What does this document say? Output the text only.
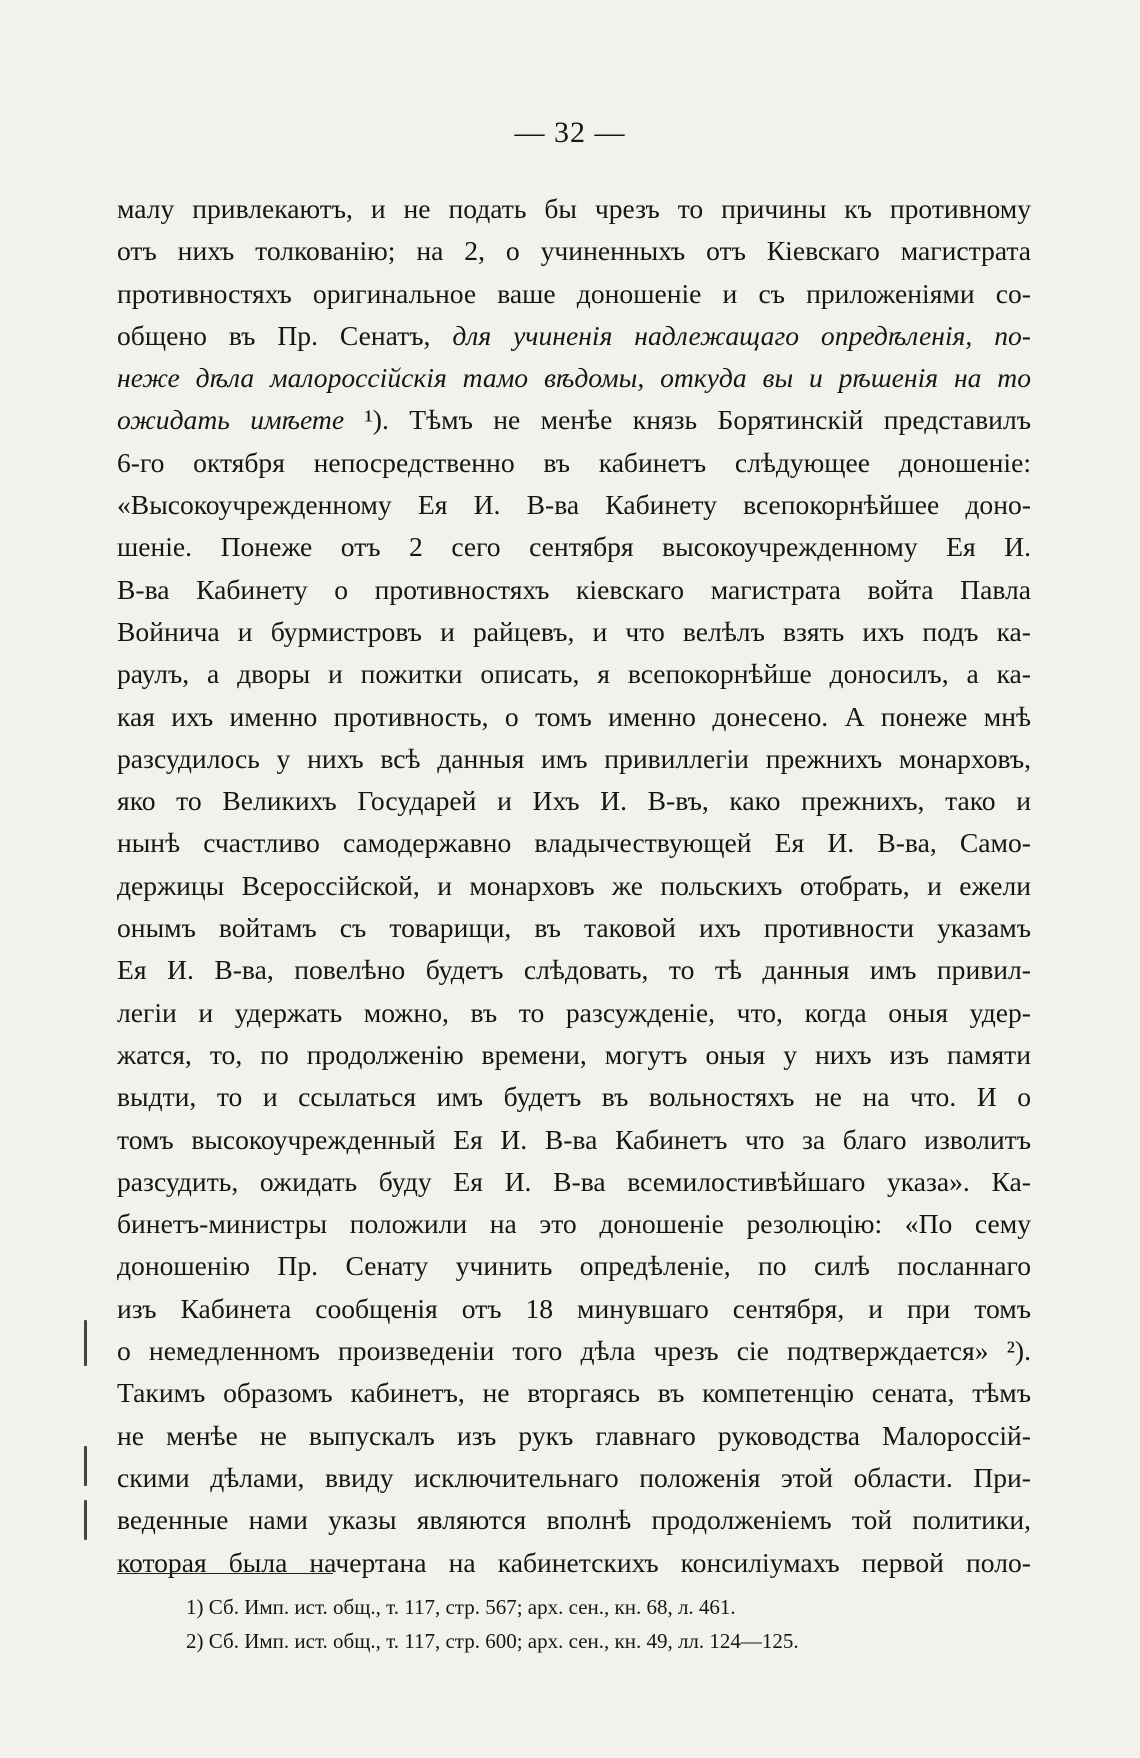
— 32 —
малу привлекаютъ, и не подать бы чрезъ то причины къ противному
отъ нихъ толкованію; на 2, о учиненныхъ отъ Кіевскаго магистрата
противностяхъ оригинальное ваше доношеніе и съ приложеніями со-
общено въ Пр. Сенатъ, для учиненія надлежащаго опредѣленія, по-
неже дѣла малороссійскія тамо вѣдомы, откуда вы и рѣшенія на то
ожидать имѣете ¹). Тѣмъ не менѣе князь Борятинскій представилъ
6-го октября непосредственно въ кабинетъ слѣдующее доношеніе:
«Высокоучрежденному Ея И. В-ва Кабинету всепокорнѣйшее доно-
шеніе. Понеже отъ 2 сего сентября высокоучрежденному Ея И.
В-ва Кабинету о противностяхъ кіевскаго магистрата войта Павла
Войнича и бурмистровъ и райцевъ, и что велѣлъ взять ихъ подъ ка-
раулъ, а дворы и пожитки описать, я всепокорнѣйше доносилъ, а ка-
кая ихъ именно противность, о томъ именно донесено. А понеже мнѣ
разсудилось у нихъ всѣ данныя имъ привиллегіи прежнихъ монарховъ,
яко то Великихъ Государей и Ихъ И. В-въ, како прежнихъ, тако и
нынѣ счастливо самодержавно владычествующей Ея И. В-ва, Само-
держицы Всероссійской, и монарховъ же польскихъ отобрать, и ежели
онымъ войтамъ съ товарищи, въ таковой ихъ противности указамъ
Ея И. В-ва, повелѣно будетъ слѣдовать, то тѣ данныя имъ привил-
легіи и удержать можно, въ то разсужденіе, что, когда оныя удер-
жатся, то, по продолженію времени, могутъ оныя у нихъ изъ памяти
выдти, то и ссылаться имъ будетъ въ вольностяхъ не на что. И о
томъ высокоучрежденный Ея И. В-ва Кабинетъ что за благо изволитъ
разсудить, ожидать буду Ея И. В-ва всемилостивѣйшаго указа». Ка-
бинетъ-министры положили на это доношеніе резолюцію: «По сему
доношенію Пр. Сенату учинить опредѣленіе, по силѣ посланнаго
изъ Кабинета сообщенія отъ 18 минувшаго сентября, и при томъ
о немедленномъ произведеніи того дѣла чрезъ сіе подтверждается» ²).
Такимъ образомъ кабинетъ, не вторгаясь въ компетенцію сената, тѣмъ
не менѣе не выпускалъ изъ рукъ главнаго руководства Малороссій-
скими дѣлами, ввиду исключительнаго положенія этой области. При-
веденные нами указы являются вполнѣ продолженіемъ той политики,
которая была начертана на кабинетскихъ консиліумахъ первой поло-
1) Сб. Имп. ист. общ., т. 117, стр. 567; арх. сен., кн. 68, л. 461.
2) Сб. Имп. ист. общ., т. 117, стр. 600; арх. сен., кн. 49, лл. 124—125.
